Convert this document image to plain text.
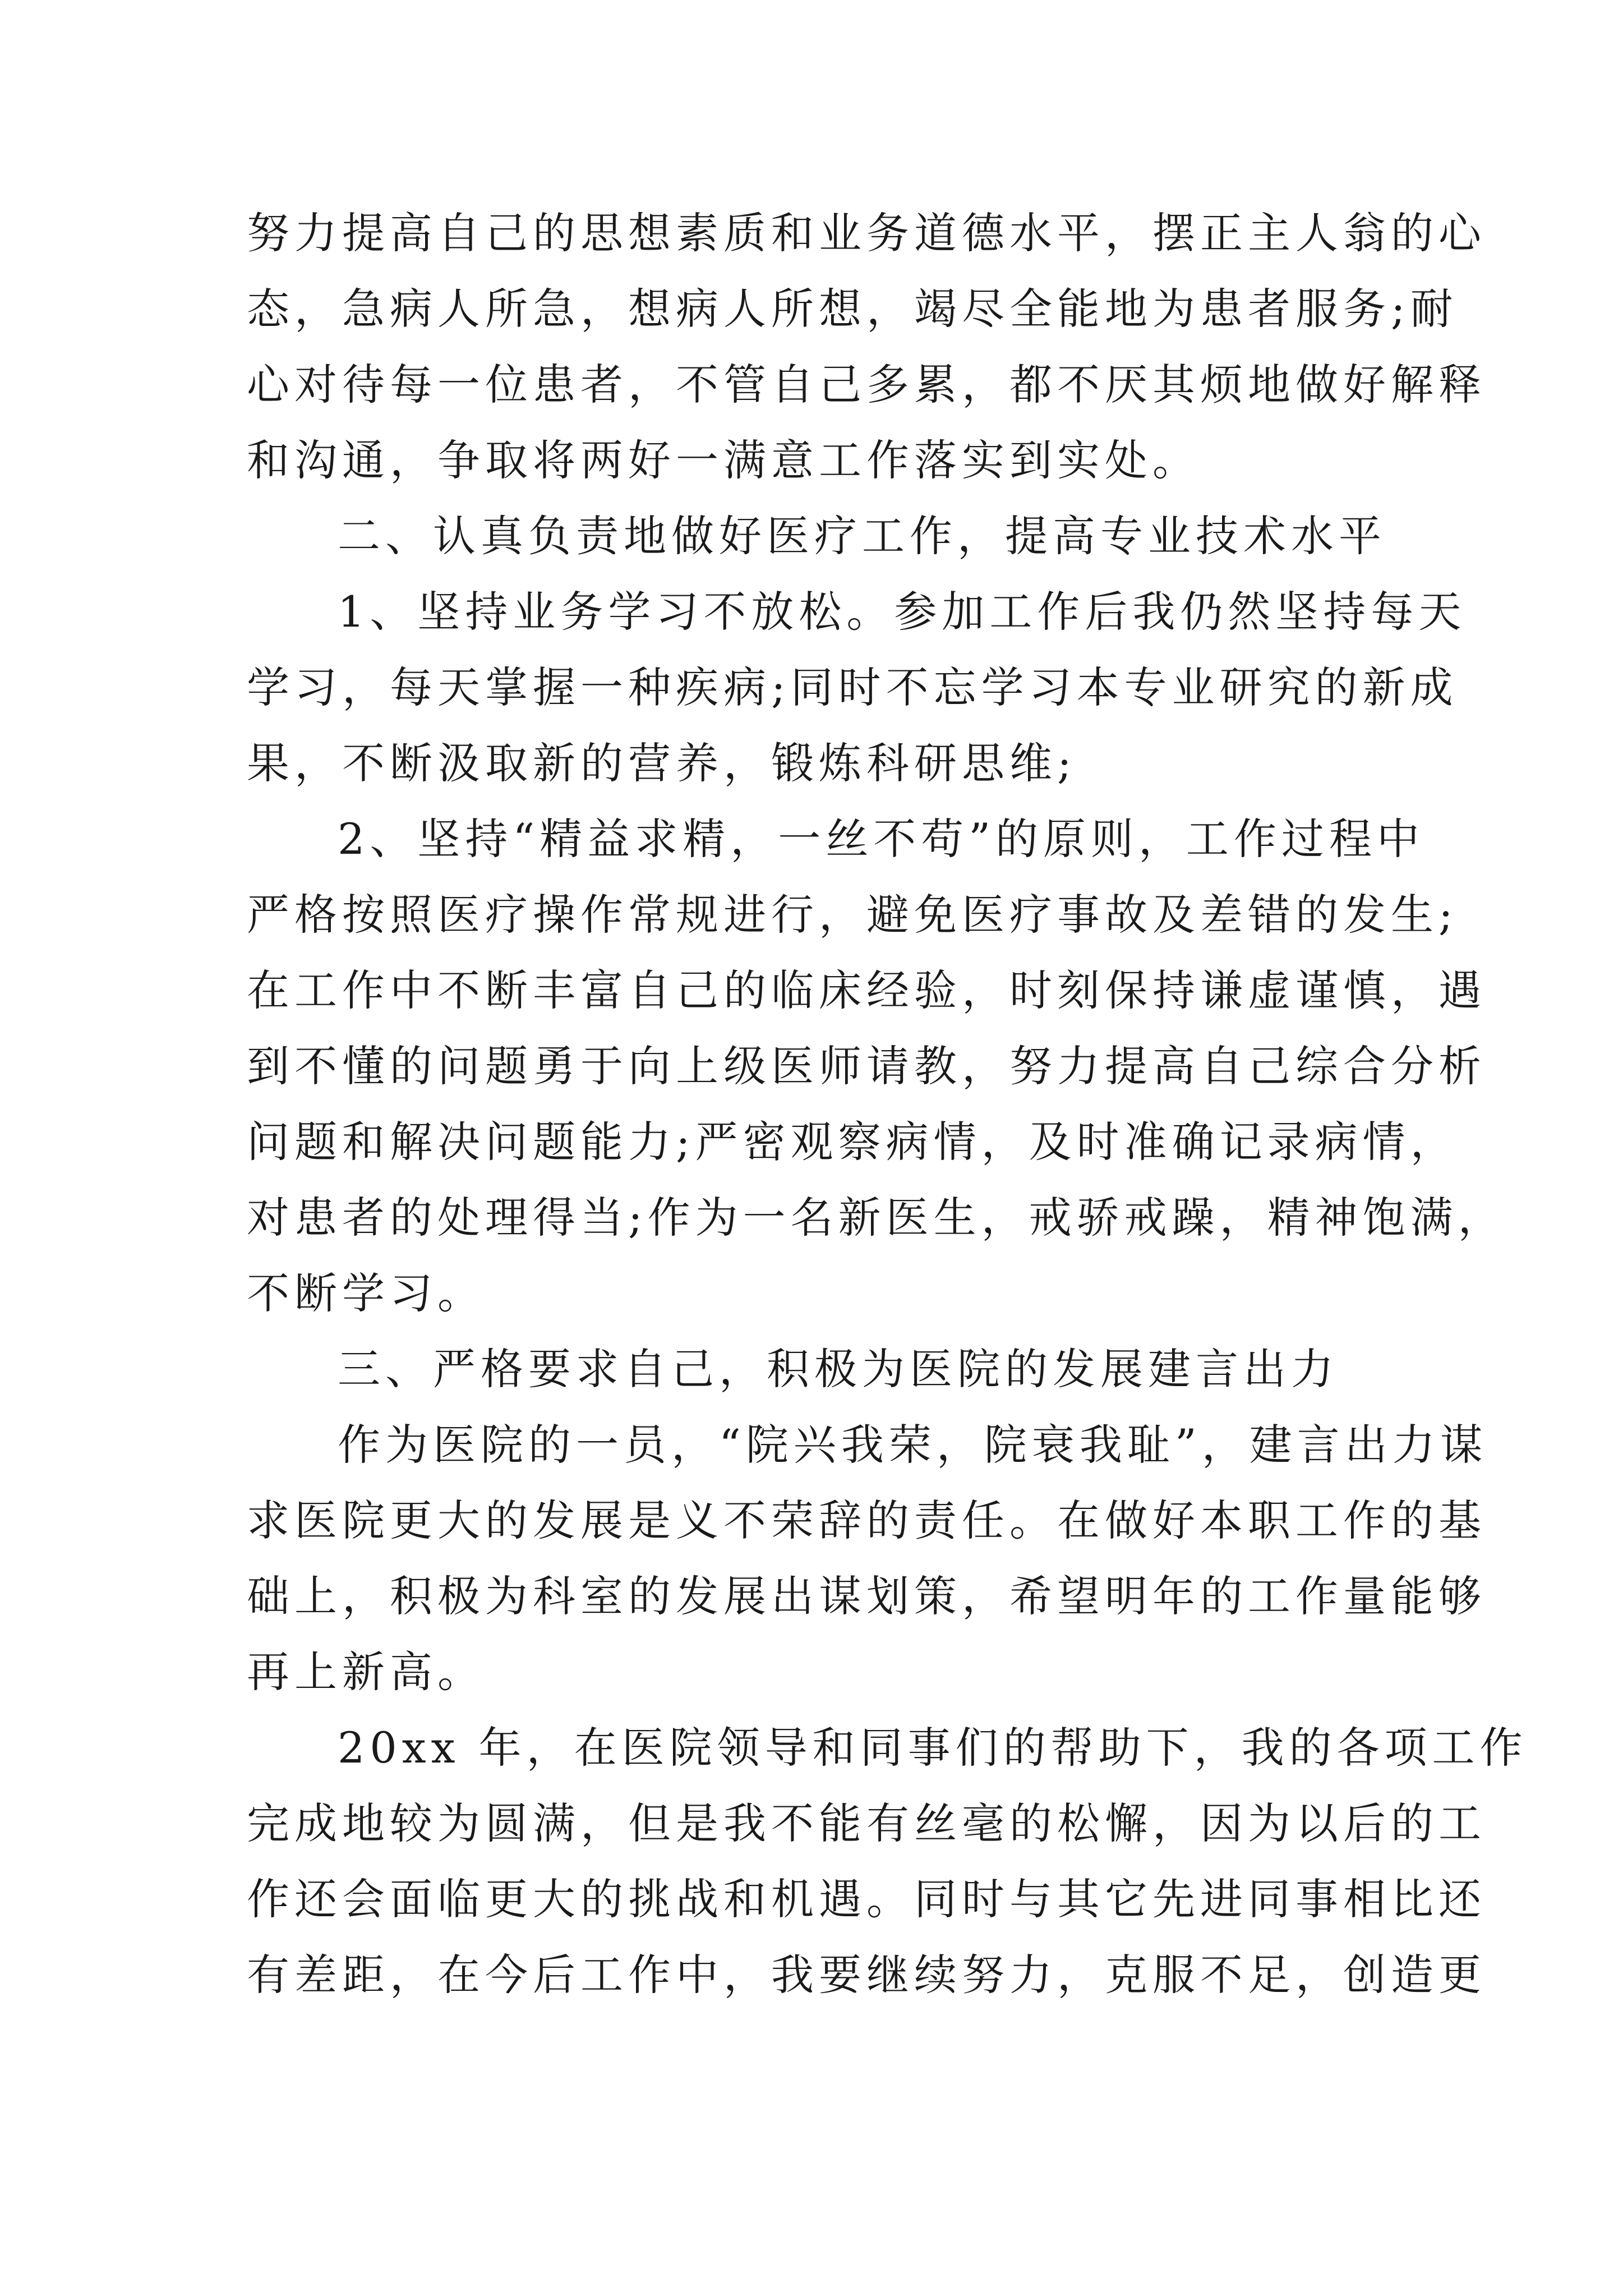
努力提高自己的思想素质和业务道德水平，摆正主人翁的心
态，急病人所急，想病人所想，竭尽全能地为患者服务;耐
心对待每一位患者，不管自己多累，都不厌其烦地做好解释
和沟通，争取将两好一满意工作落实到实处。
二、认真负责地做好医疗工作，提高专业技术水平
1、坚持业务学习不放松。参加工作后我仍然坚持每天
学习，每天掌握一种疾病;同时不忘学习本专业研究的新成
果，不断汲取新的营养，锻炼科研思维;
2、坚持“精益求精，一丝不苟”的原则，工作过程中
严格按照医疗操作常规进行，避免医疗事故及差错的发生;
在工作中不断丰富自己的临床经验，时刻保持谦虚谨慎，遇
到不懂的问题勇于向上级医师请教，努力提高自己综合分析
问题和解决问题能力;严密观察病情，及时准确记录病情，
对患者的处理得当;作为一名新医生，戒骄戒躁，精神饱满，
不断学习。
三、严格要求自己，积极为医院的发展建言出力
作为医院的一员，“院兴我荣，院衰我耻”，建言出力谋
求医院更大的发展是义不荣辞的责任。在做好本职工作的基
础上，积极为科室的发展出谋划策，希望明年的工作量能够
再上新高。
20xx 年，在医院领导和同事们的帮助下，我的各项工作
完成地较为圆满，但是我不能有丝毫的松懈，因为以后的工
作还会面临更大的挑战和机遇。同时与其它先进同事相比还
有差距，在今后工作中，我要继续努力，克服不足，创造更
